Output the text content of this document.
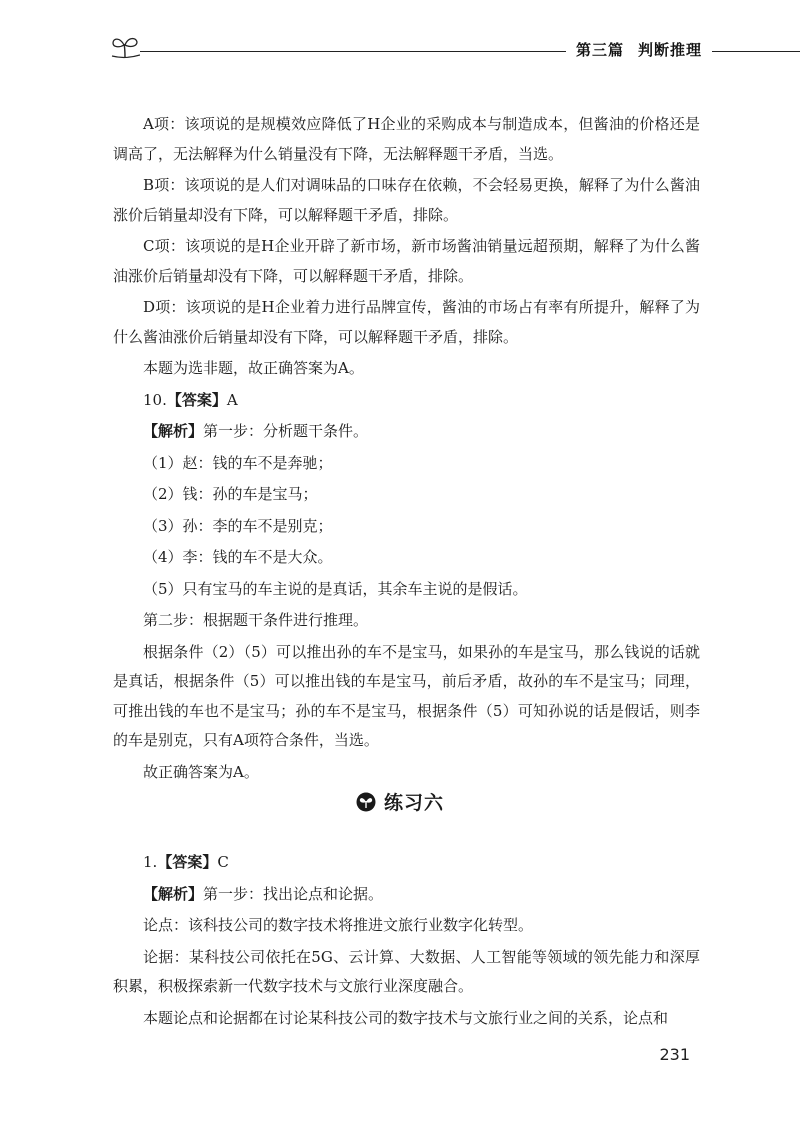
第三篇 判断推理

A项：该项说的是规模效应降低了H企业的采购成本与制造成本，但酱油的价格还是调高了，无法解释为什么销量没有下降，无法解释题干矛盾，当选。

B项：该项说的是人们对调味品的口味存在依赖，不会轻易更换，解释了为什么酱油涨价后销量却没有下降，可以解释题干矛盾，排除。

C项：该项说的是H企业开辟了新市场，新市场酱油销量远超预期，解释了为什么酱油涨价后销量却没有下降，可以解释题干矛盾，排除。

D项：该项说的是H企业着力进行品牌宣传，酱油的市场占有率有所提升，解释了为什么酱油涨价后销量却没有下降，可以解释题干矛盾，排除。

本题为选非题，故正确答案为A。

10.【答案】A

【解析】第一步：分析题干条件。

（1）赵：钱的车不是奔驰；

（2）钱：孙的车是宝马；

（3）孙：李的车不是别克；

（4）李：钱的车不是大众。

（5）只有宝马的车主说的是真话，其余车主说的是假话。

第二步：根据题干条件进行推理。

根据条件（2）（5）可以推出孙的车不是宝马，如果孙的车是宝马，那么钱说的话就是真话，根据条件（5）可以推出钱的车是宝马，前后矛盾，故孙的车不是宝马；同理，可推出钱的车也不是宝马；孙的车不是宝马，根据条件（5）可知孙说的话是假话，则李的车是别克，只有A项符合条件，当选。

故正确答案为A。

练习六

1.【答案】C

【解析】第一步：找出论点和论据。

论点：该科技公司的数字技术将推进文旅行业数字化转型。

论据：某科技公司依托在5G、云计算、大数据、人工智能等领域的领先能力和深厚积累，积极探索新一代数字技术与文旅行业深度融合。

本题论点和论据都在讨论某科技公司的数字技术与文旅行业之间的关系，论点和

231
